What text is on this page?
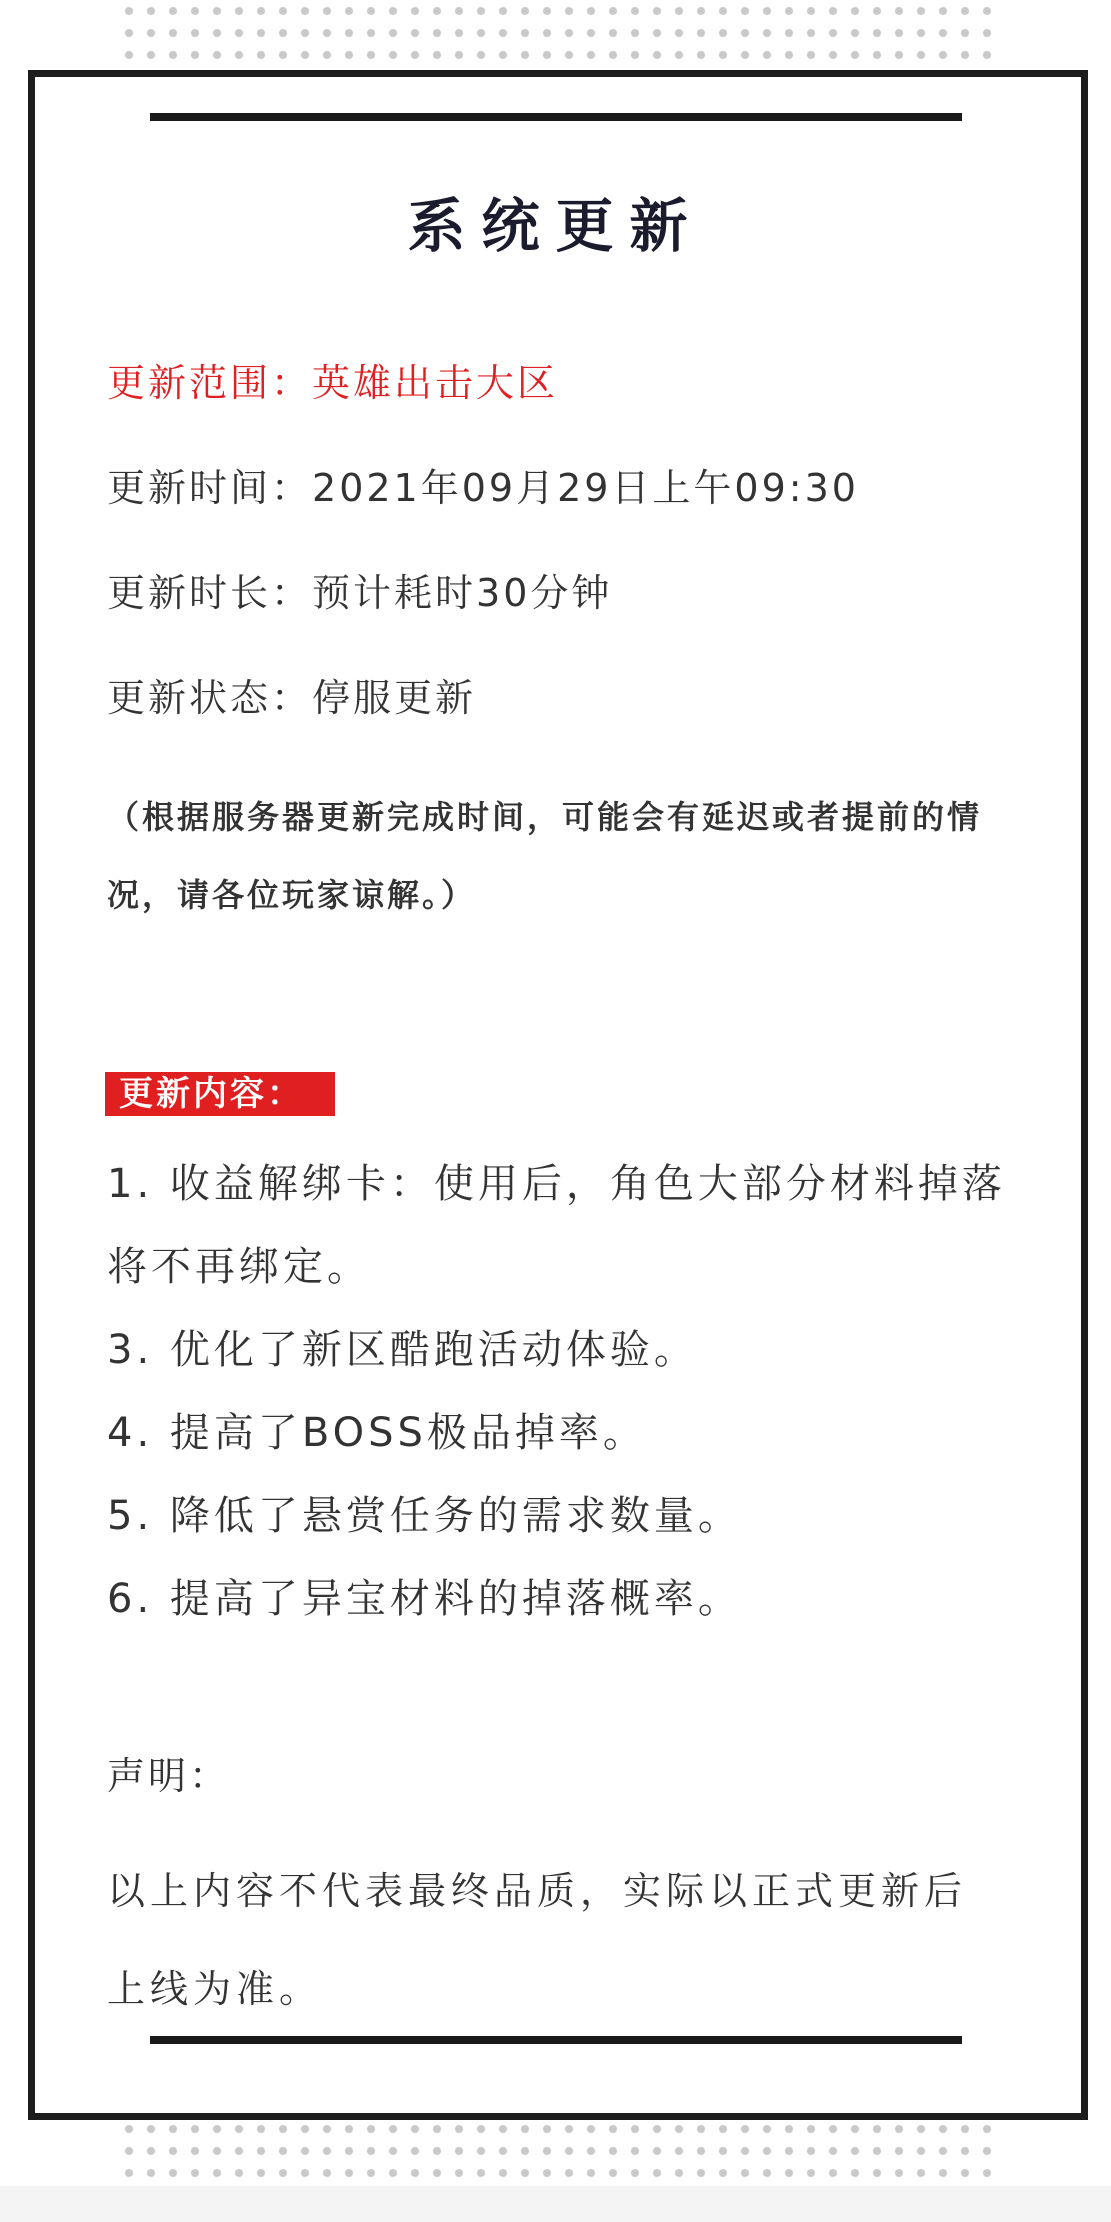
系统更新
更新范围：英雄出击大区
更新时间：2021年09月29日上午09:30
更新时长：预计耗时30分钟
更新状态：停服更新
（根据服务器更新完成时间，可能会有延迟或者提前的情况，请各位玩家谅解。）
更新内容：
1. 收益解绑卡：使用后，角色大部分材料掉落将不再绑定。
3. 优化了新区酷跑活动体验。
4. 提高了BOSS极品掉率。
5. 降低了悬赏任务的需求数量。
6. 提高了异宝材料的掉落概率。
声明：
以上内容不代表最终品质，实际以正式更新后上线为准。
